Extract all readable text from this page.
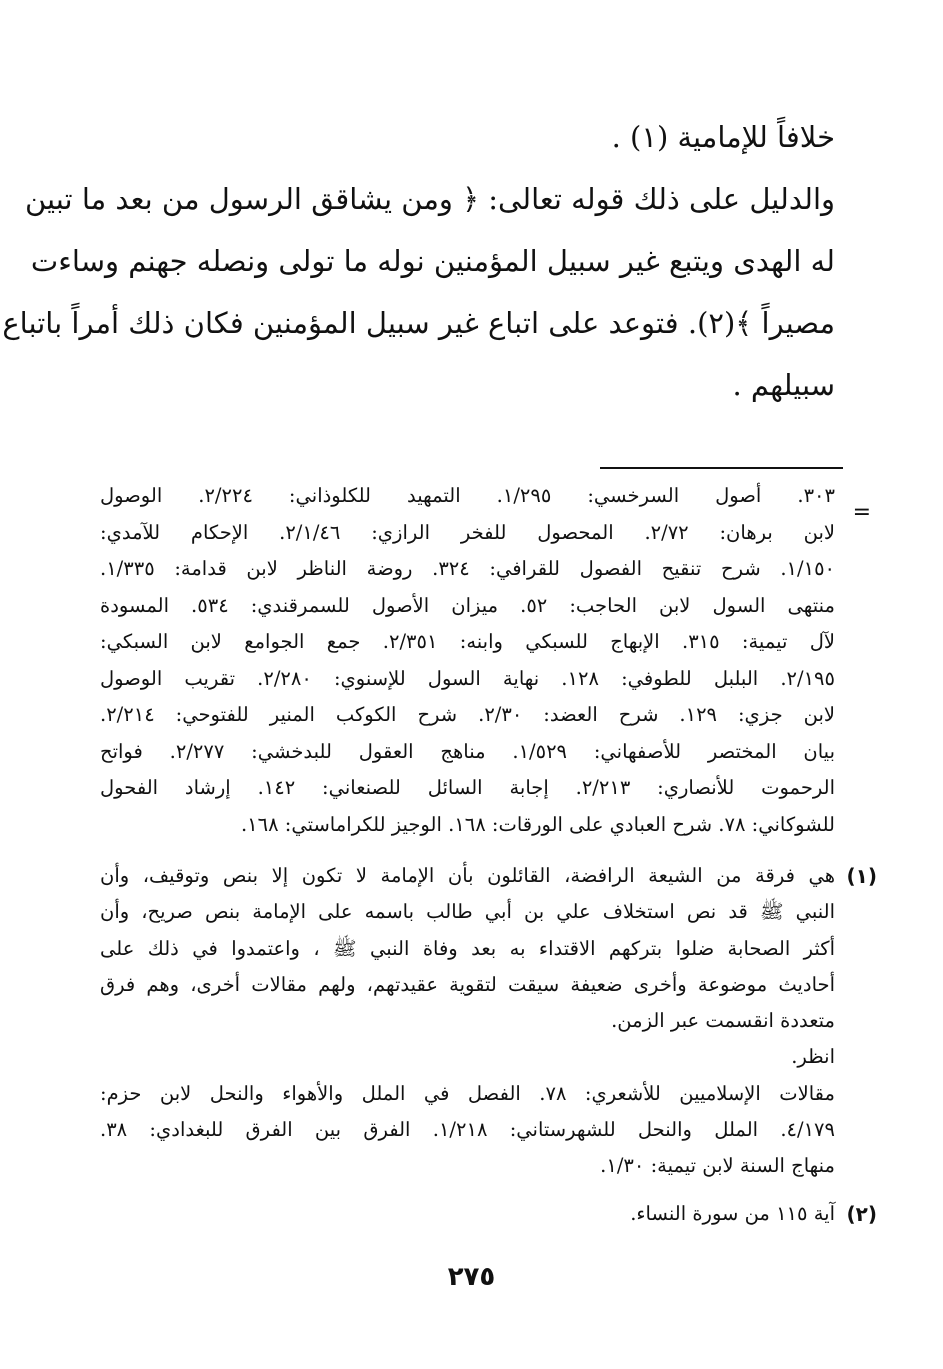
خلافاً للإمامية (١) .
والدليل على ذلك قوله تعالى: ﴿ ومن يشاقق الرسول من بعد ما تبين
له الهدى ويتبع غير سبيل المؤمنين نوله ما تولى ونصله جهنم وساءت
مصيراً ﴾(٢). فتوعد على اتباع غير سبيل المؤمنين فكان ذلك أمراً باتباع
سبيلهم .
=
٣٠٣. أصول السرخسي: ١/٢٩٥. التمهيد للكلوذاني: ٢/٢٢٤. الوصول
لابن برهان: ٢/٧٢. المحصول للفخر الرازي: ٢/١/٤٦. الإحكام للآمدي:
١/١٥٠. شرح تنقيح الفصول للقرافي: ٣٢٤. روضة الناظر لابن قدامة: ١/٣٣٥.
منتهى السول لابن الحاجب: ٥٢. ميزان الأصول للسمرقندي: ٥٣٤. المسودة
لآل تيمية: ٣١٥. الإبهاج للسبكي وابنه: ٢/٣٥١. جمع الجوامع لابن السبكي:
٢/١٩٥. البلبل للطوفي: ١٢٨. نهاية السول للإسنوي: ٢/٢٨٠. تقريب الوصول
لابن جزي: ١٢٩. شرح العضد: ٢/٣٠. شرح الكوكب المنير للفتوحي: ٢/٢١٤.
بيان المختصر للأصفهاني: ١/٥٢٩. مناهج العقول للبدخشي: ٢/٢٧٧. فواتح
الرحموت للأنصاري: ٢/٢١٣. إجابة السائل للصنعاني: ١٤٢. إرشاد الفحول
للشوكاني: ٧٨. شرح العبادي على الورقات: ١٦٨. الوجيز للكراماستي: ١٦٨.
(١)
هي فرقة من الشيعة الرافضة، القائلون بأن الإمامة لا تكون إلا بنص وتوقيف، وأن
النبي ﷺ قد نص استخلاف علي بن أبي طالب باسمه على الإمامة بنص صريح، وأن
أكثر الصحابة ضلوا بتركهم الاقتداء به بعد وفاة النبي ﷺ ، واعتمدوا في ذلك على
أحاديث موضوعة وأخرى ضعيفة سيقت لتقوية عقيدتهم، ولهم مقالات أخرى، وهم فرق
متعددة انقسمت عبر الزمن.
انظر.
مقالات الإسلاميين للأشعري: ٧٨. الفصل في الملل والأهواء والنحل لابن حزم:
٤/١٧٩. الملل والنحل للشهرستاني: ١/٢١٨. الفرق بين الفرق للبغدادي: ٣٨.
منهاج السنة لابن تيمية: ١/٣٠.
(٢)
آية ١١٥ من سورة النساء.
٢٧٥
